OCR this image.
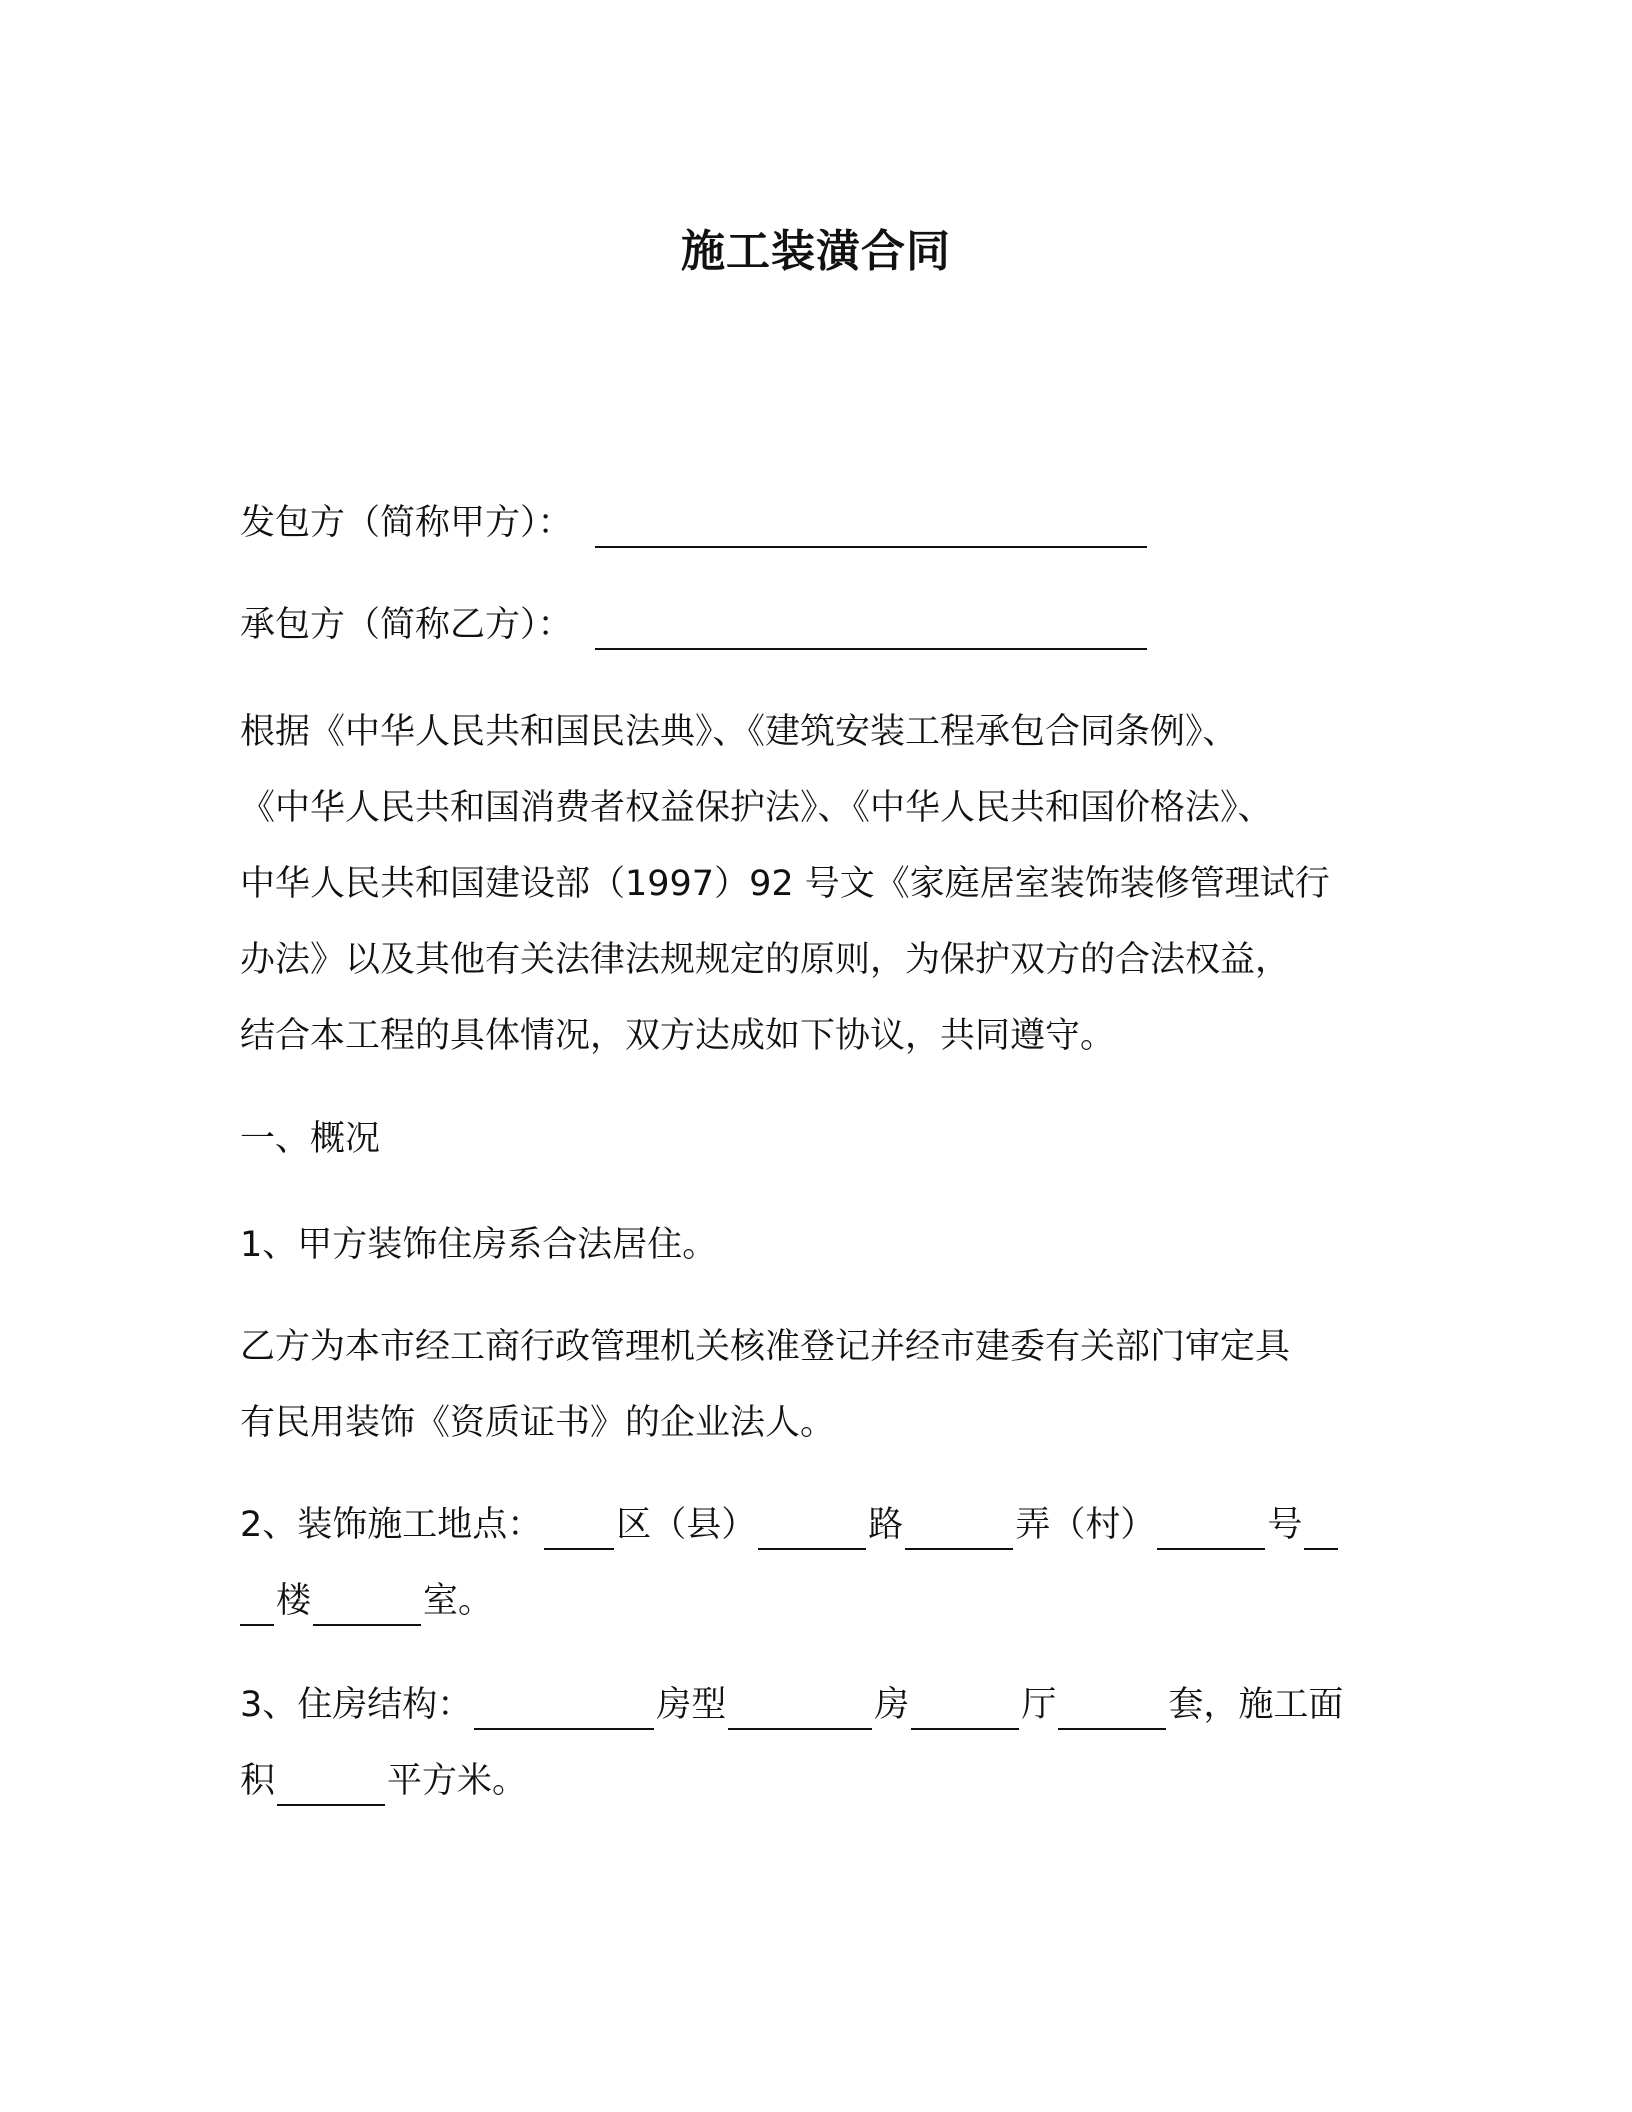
施工装潢合同
发包方（简称甲方）：
承包方（简称乙方）：
根据《中华人民共和国民法典》、《建筑安装工程承包合同条例》、
《中华人民共和国消费者权益保护法》、《中华人民共和国价格法》、
中华人民共和国建设部（1997）92 号文《家庭居室装饰装修管理试行
办法》以及其他有关法律法规规定的原则，为保护双方的合法权益，
结合本工程的具体情况，双方达成如下协议，共同遵守。
一、概况
1、甲方装饰住房系合法居住。
乙方为本市经工商行政管理机关核准登记并经市建委有关部门审定具
有民用装饰《资质证书》的企业法人。
2、装饰施工地点： 区（县）	路	弄（村）	号
楼	室。
3、住房结构：	房型	房	厅	套，施工面
积	平方米。
